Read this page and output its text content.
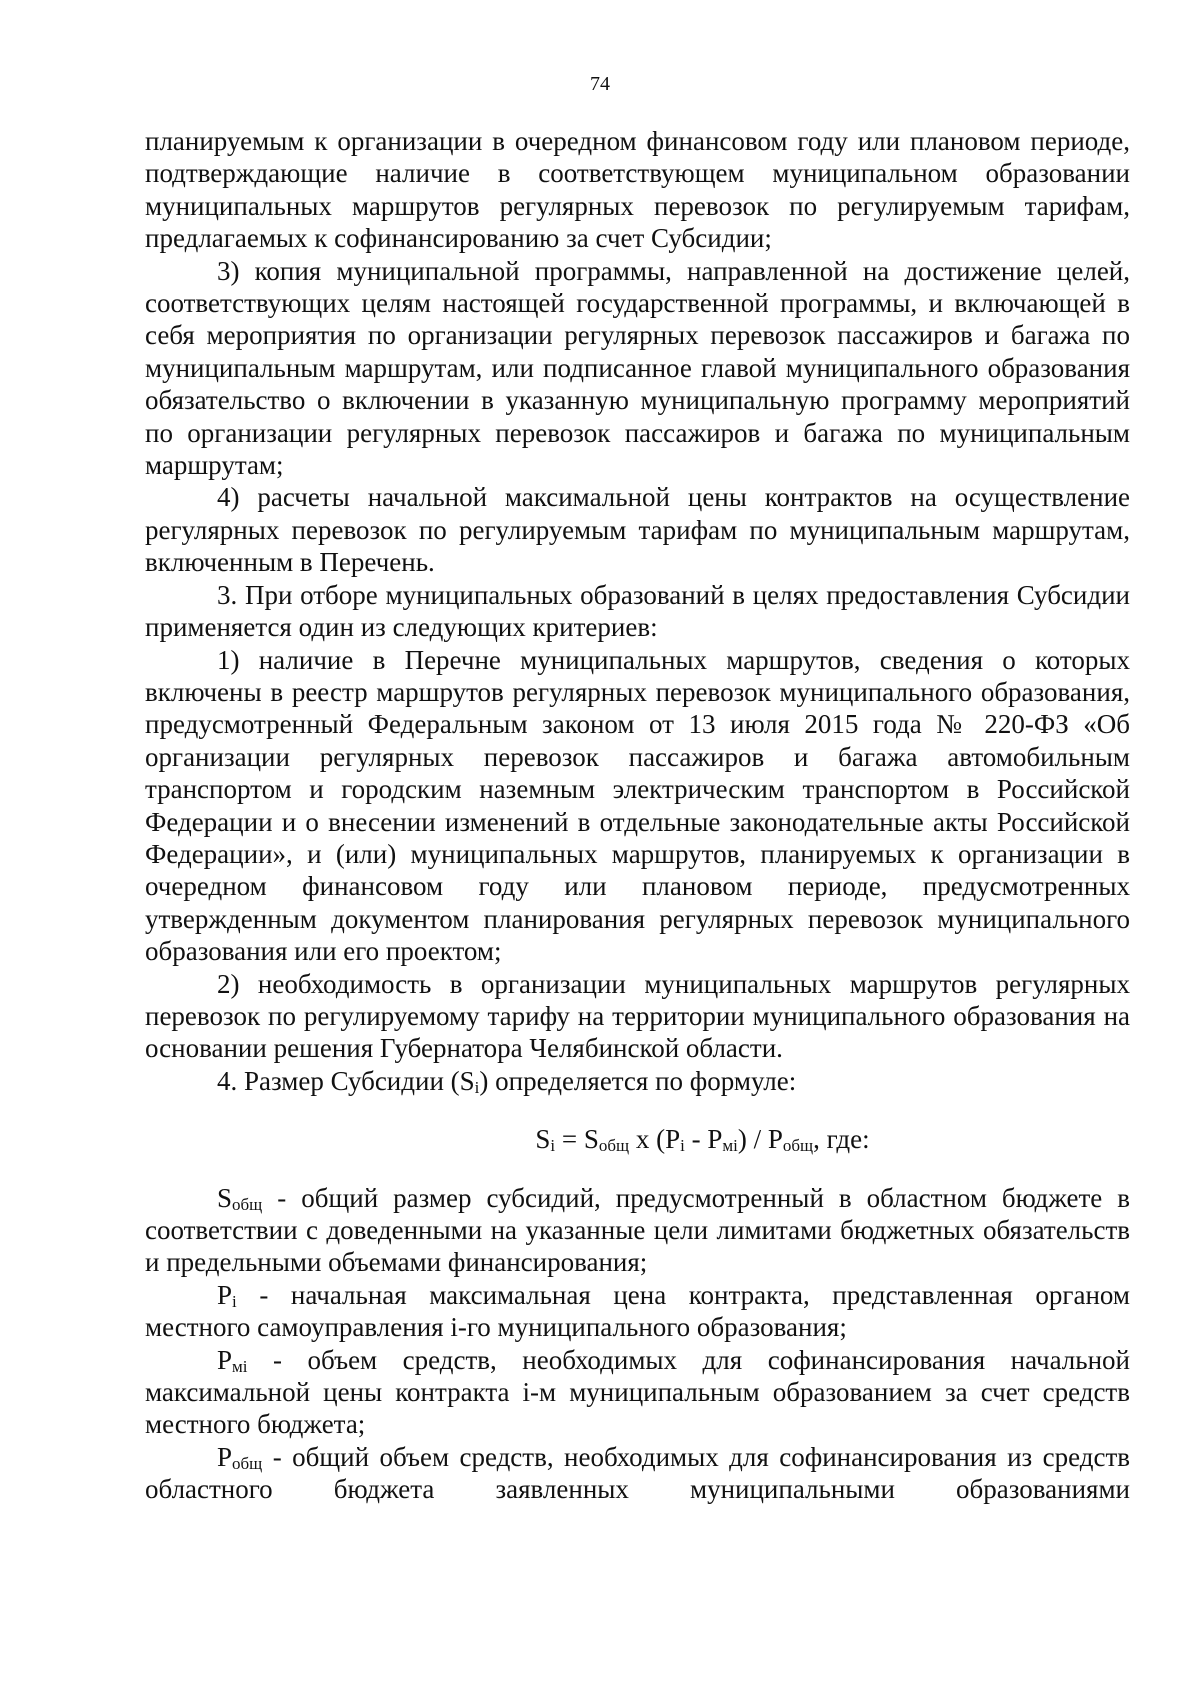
74

планируемым к организации в очередном финансовом году или плановом периоде, подтверждающие наличие в соответствующем муниципальном образовании муниципальных маршрутов регулярных перевозок по регулируемым тарифам, предлагаемых к софинансированию за счет Субсидии;

3) копия муниципальной программы, направленной на достижение целей, соответствующих целям настоящей государственной программы, и включающей в себя мероприятия по организации регулярных перевозок пассажиров и багажа по муниципальным маршрутам, или подписанное главой муниципального образования обязательство о включении в указанную муниципальную программу мероприятий по организации регулярных перевозок пассажиров и багажа по муниципальным маршрутам;

4) расчеты начальной максимальной цены контрактов на осуществление регулярных перевозок по регулируемым тарифам по муниципальным маршрутам, включенным в Перечень.

3. При отборе муниципальных образований в целях предоставления Субсидии применяется один из следующих критериев:

1) наличие в Перечне муниципальных маршрутов, сведения о которых включены в реестр маршрутов регулярных перевозок муниципального образования, предусмотренный Федеральным законом от 13 июля 2015 года № 220-ФЗ «Об организации регулярных перевозок пассажиров и багажа автомобильным транспортом и городским наземным электрическим транспортом в Российской Федерации и о внесении изменений в отдельные законодательные акты Российской Федерации», и (или) муниципальных маршрутов, планируемых к организации в очередном финансовом году или плановом периоде, предусмотренных утвержденным документом планирования регулярных перевозок муниципального образования или его проектом;

2) необходимость в организации муниципальных маршрутов регулярных перевозок по регулируемому тарифу на территории муниципального образования на основании решения Губернатора Челябинской области.

4. Размер Субсидии (Si) определяется по формуле:

Si = Sобщ х (Pi - Pмi) / Pобщ, где:

Sобщ - общий размер субсидий, предусмотренный в областном бюджете в соответствии с доведенными на указанные цели лимитами бюджетных обязательств и предельными объемами финансирования;

Pi - начальная максимальная цена контракта, представленная органом местного самоуправления i-го муниципального образования;

Pмi - объем средств, необходимых для софинансирования начальной максимальной цены контракта i-м муниципальным образованием за счет средств местного бюджета;

Pобщ - общий объем средств, необходимых для софинансирования из средств областного бюджета заявленных муниципальными образованиями
